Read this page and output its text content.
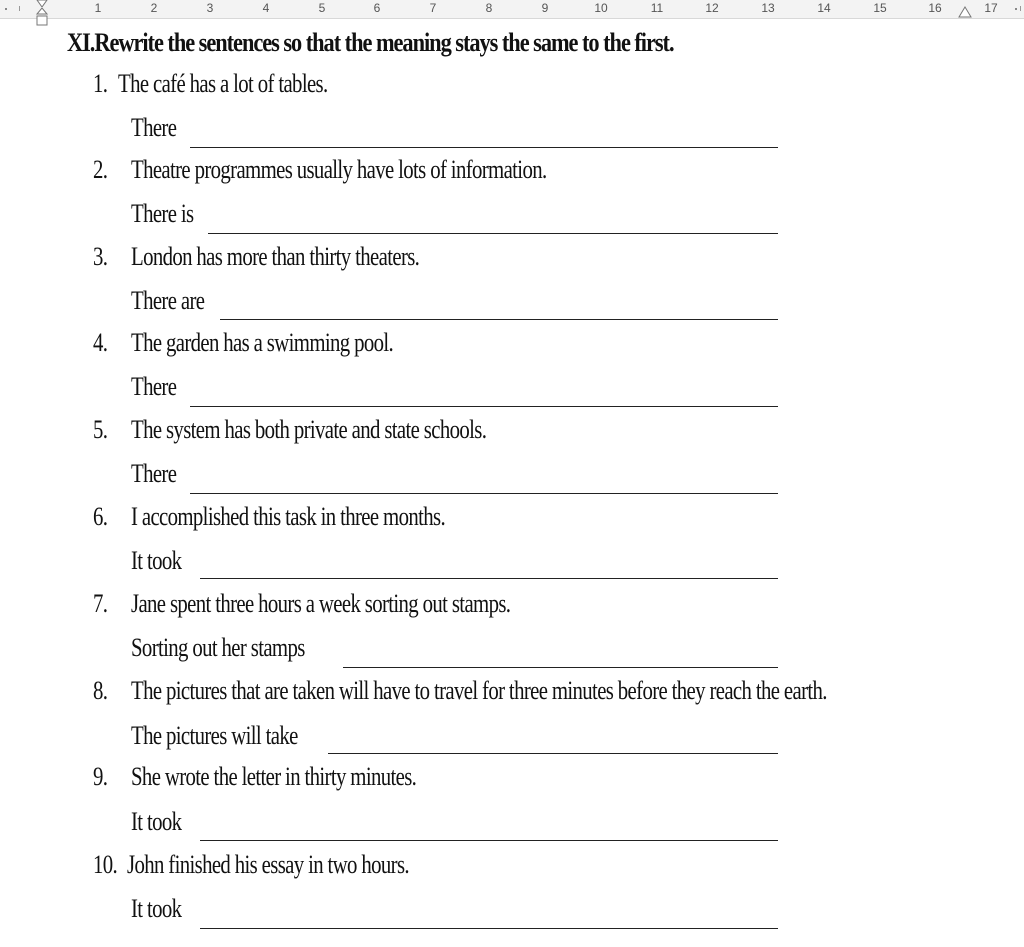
1	2	3	4	5	6	7	8	9	10	11	12	13	14	15	16	17
XI.Rewrite the sentences so that the meaning stays the same to the first.
1. The café has a lot of tables.
There
2. Theatre programmes usually have lots of information.
There is
3. London has more than thirty theaters.
There are
4. The garden has a swimming pool.
There
5. The system has both private and state schools.
There
6. I accomplished this task in three months.
It took
7. Jane spent three hours a week sorting out stamps.
Sorting out her stamps
8. The pictures that are taken will have to travel for three minutes before they reach the earth.
The pictures will take
9. She wrote the letter in thirty minutes.
It took
10. John finished his essay in two hours.
It took
